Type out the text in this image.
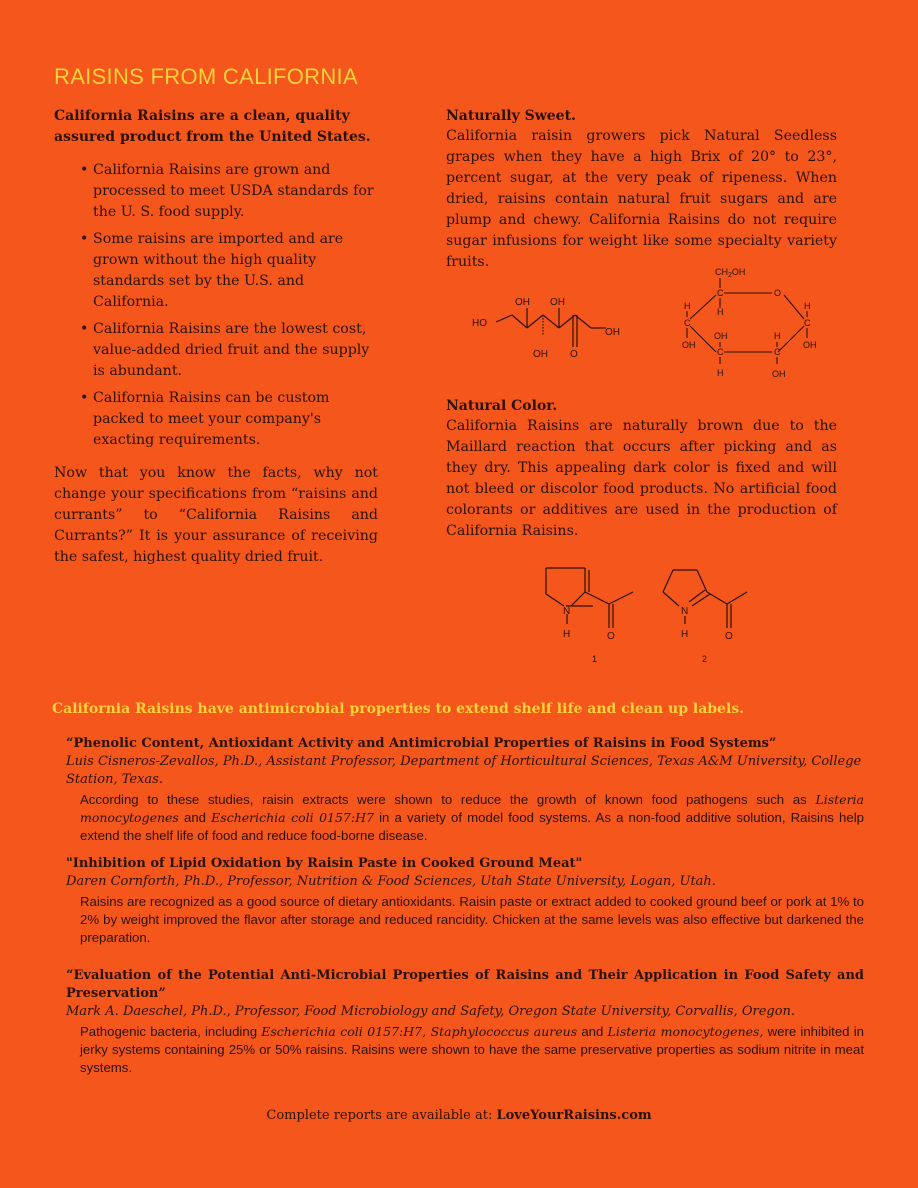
RAISINS FROM CALIFORNIA

California Raisins are a clean, quality assured product from the United States.

• California Raisins are grown and processed to meet USDA standards for the U. S. food supply.
• Some raisins are imported and are grown without the high quality standards set by the U.S. and California.
• California Raisins are the lowest cost, value-added dried fruit and the supply is abundant.
• California Raisins can be custom packed to meet your company's exacting requirements.

Now that you know the facts, why not change your specifications from “raisins and currants” to “California Raisins and Currants?” It is your assurance of receiving the safest, highest quality dried fruit.

Naturally Sweet.

California raisin growers pick Natural Seedless grapes when they have a high Brix of 20° to 23°, percent sugar, at the very peak of ripeness. When dried, raisins contain natural fruit sugars and are plump and chewy. California Raisins do not require sugar infusions for weight like some specialty variety fruits.

HO
OH OH
OH O
OH
$CH_2OH$
C	O
H
H
C
OH
H
C
OH
OH
C
H
H
C
OH
Natural Color.

California Raisins are naturally brown due to the Maillard reaction that occurs after picking and as they dry. This appealing dark color is fixed and will not bleed or discolor food products. No artificial food colorants or additives are used in the production of California Raisins.

N
H	O
N
H	O
1	2
California Raisins have antimicrobial properties to extend shelf life and clean up labels.

“Phenolic Content, Antioxidant Activity and Antimicrobial Properties of Raisins in Food Systems”

Luis Cisneros-Zevallos, Ph.D., Assistant Professor, Department of Horticultural Sciences, Texas A&M University, College Station, Texas.

According to these studies, raisin extracts were shown to reduce the growth of known food pathogens such as Listeria monocytogenes and Escherichia coli 0157:H7 in a variety of model food systems. As a non-food additive solution, Raisins help extend the shelf life of food and reduce food-borne disease.

"Inhibition of Lipid Oxidation by Raisin Paste in Cooked Ground Meat"

Daren Cornforth, Ph.D., Professor, Nutrition & Food Sciences, Utah State University, Logan, Utah.

Raisins are recognized as a good source of dietary antioxidants. Raisin paste or extract added to cooked ground beef or pork at 1% to 2% by weight improved the flavor after storage and reduced rancidity. Chicken at the same levels was also effective but darkened the preparation.

“Evaluation of the Potential Anti-Microbial Properties of Raisins and Their Application in Food Safety and Preservation”

Mark A. Daeschel, Ph.D., Professor, Food Microbiology and Safety, Oregon State University, Corvallis, Oregon.

Pathogenic bacteria, including Escherichia coli 0157:H7, Staphylococcus aureus and Listeria monocytogenes, were inhibited in jerky systems containing 25% or 50% raisins. Raisins were shown to have the same preservative properties as sodium nitrite in meat systems.

Complete reports are available at: LoveYourRaisins.com
